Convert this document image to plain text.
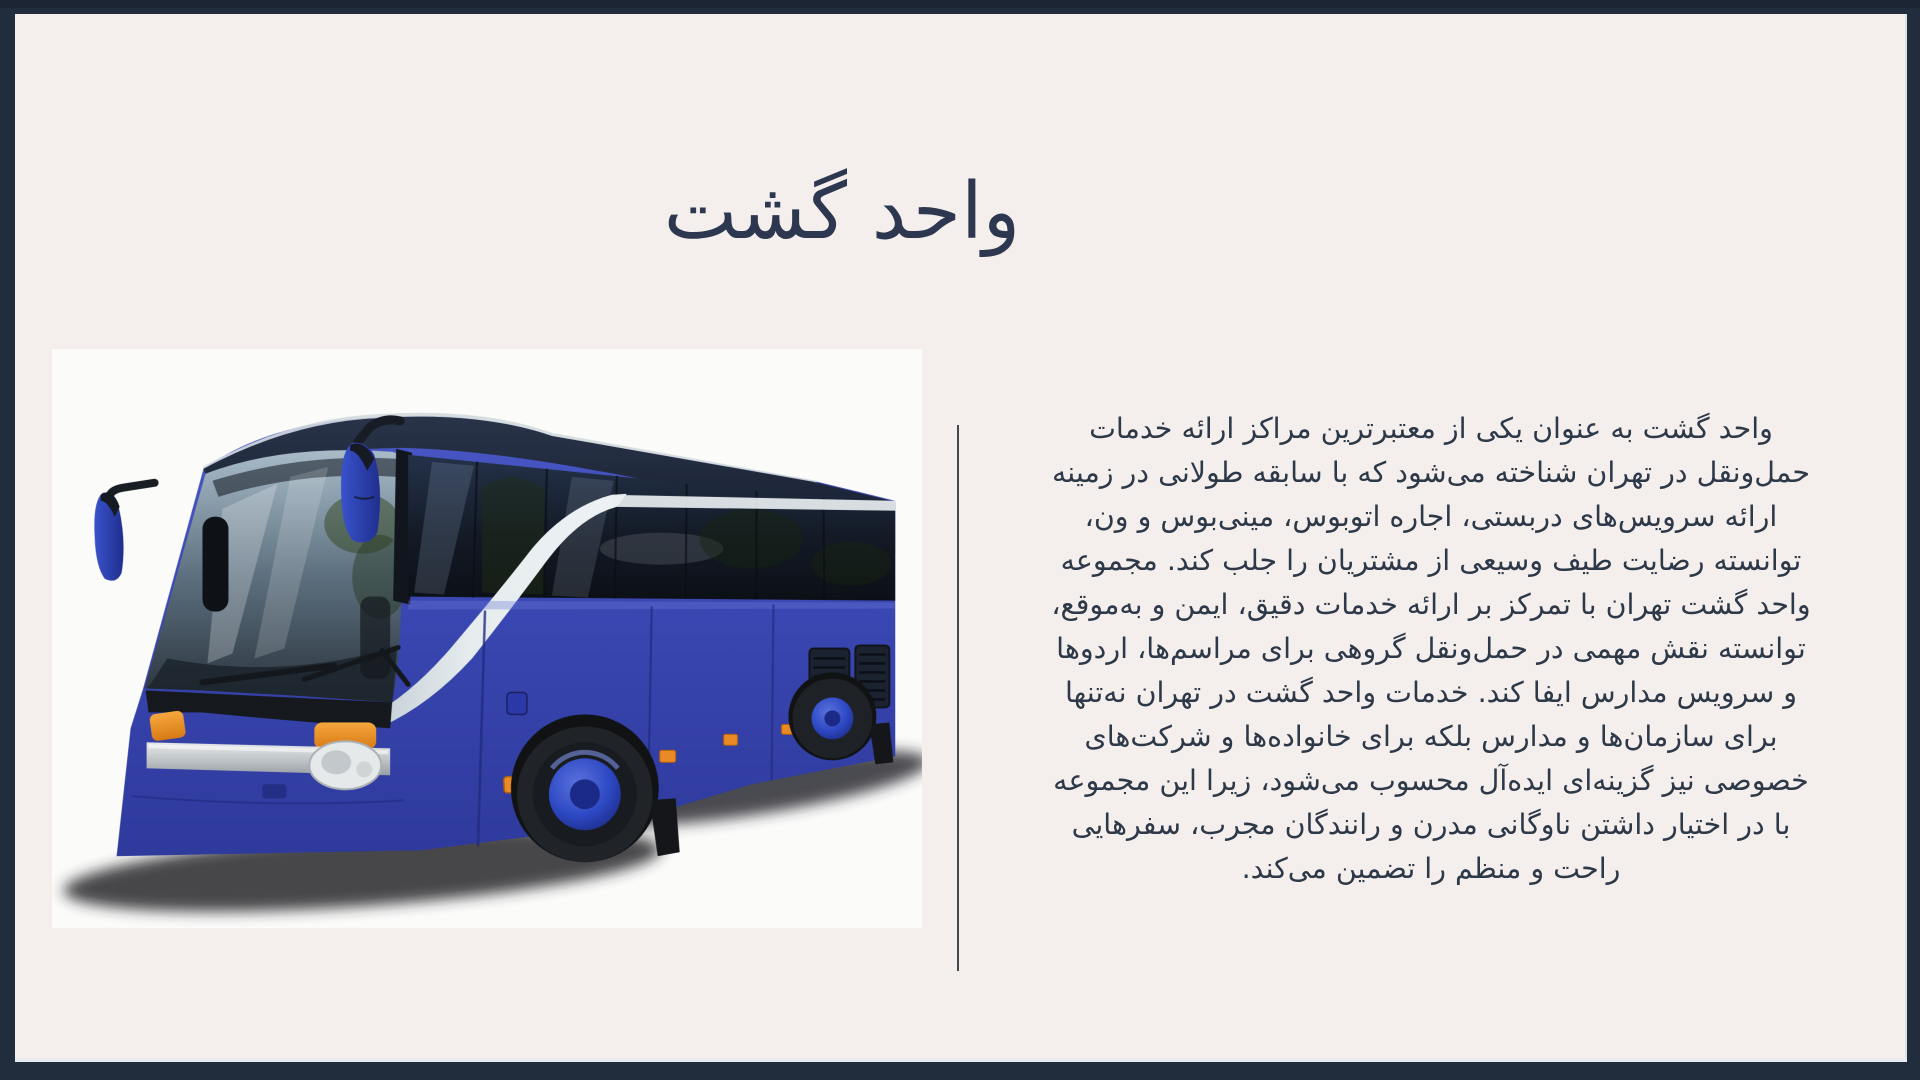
واحد گشت

واحد گشت به عنوان یکی از معتبرترین مراکز ارائه خدمات حمل‌ونقل در تهران شناخته می‌شود که با سابقه طولانی در زمینه ارائه سرویس‌های دربستی، اجاره اتوبوس، مینی‌بوس و ون، توانسته رضایت طیف وسیعی از مشتریان را جلب کند. مجموعه واحد گشت تهران با تمرکز بر ارائه خدمات دقیق، ایمن و به‌موقع، توانسته نقش مهمی در حمل‌ونقل گروهی برای مراسم‌ها، اردوها و سرویس مدارس ایفا کند. خدمات واحد گشت در تهران نه‌تنها برای سازمان‌ها و مدارس بلکه برای خانواده‌ها و شرکت‌های خصوصی نیز گزینه‌ای ایده‌آل محسوب می‌شود، زیرا این مجموعه با در اختیار داشتن ناوگانی مدرن و رانندگان مجرب، سفرهایی راحت و منظم را تضمین می‌کند.
